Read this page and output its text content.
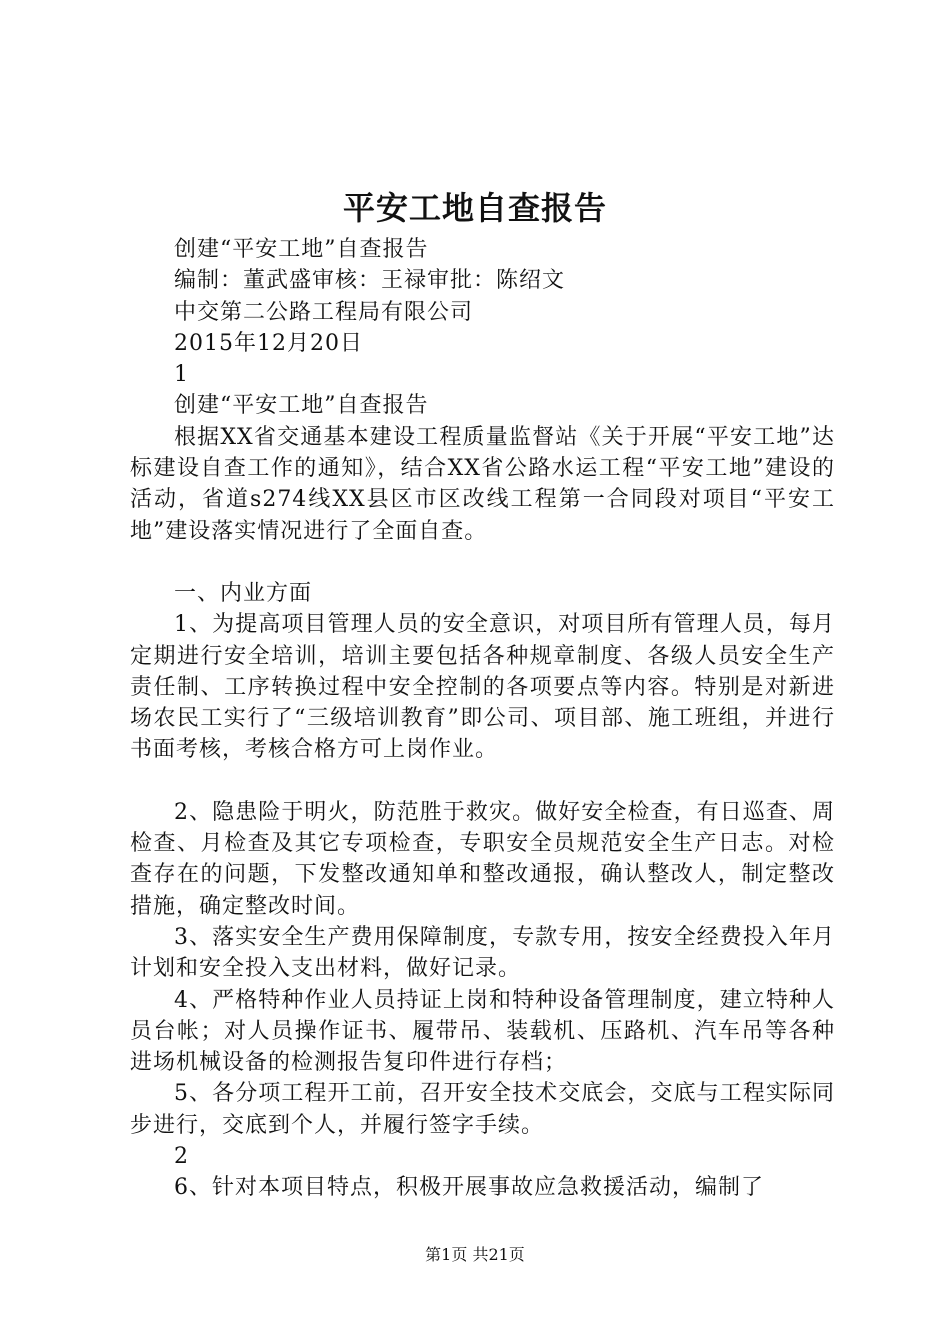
平安工地自查报告

创建“平安工地”自查报告

编制：董武盛审核：王禄审批：陈绍文

中交第二公路工程局有限公司

2015年12月20日

1

创建“平安工地”自查报告

根据XX省交通基本建设工程质量监督站《关于开展“平安工地”达标建设自查工作的通知》，结合XX省公路水运工程“平安工地”建设的活动，省道s274线XX县区市区改线工程第一合同段对项目“平安工地”建设落实情况进行了全面自查。

一、内业方面

1、为提高项目管理人员的安全意识，对项目所有管理人员，每月定期进行安全培训，培训主要包括各种规章制度、各级人员安全生产责任制、工序转换过程中安全控制的各项要点等内容。特别是对新进场农民工实行了“三级培训教育”即公司、项目部、施工班组，并进行书面考核，考核合格方可上岗作业。

2、隐患险于明火，防范胜于救灾。做好安全检查，有日巡查、周检查、月检查及其它专项检查，专职安全员规范安全生产日志。对检查存在的问题，下发整改通知单和整改通报，确认整改人，制定整改措施，确定整改时间。

3、落实安全生产费用保障制度，专款专用，按安全经费投入年月计划和安全投入支出材料，做好记录。

4、严格特种作业人员持证上岗和特种设备管理制度，建立特种人员台帐；对人员操作证书、履带吊、装载机、压路机、汽车吊等各种进场机械设备的检测报告复印件进行存档；

5、各分项工程开工前，召开安全技术交底会，交底与工程实际同步进行，交底到个人，并履行签字手续。

2

6、针对本项目特点，积极开展事故应急救援活动，编制了

第1页 共21页
